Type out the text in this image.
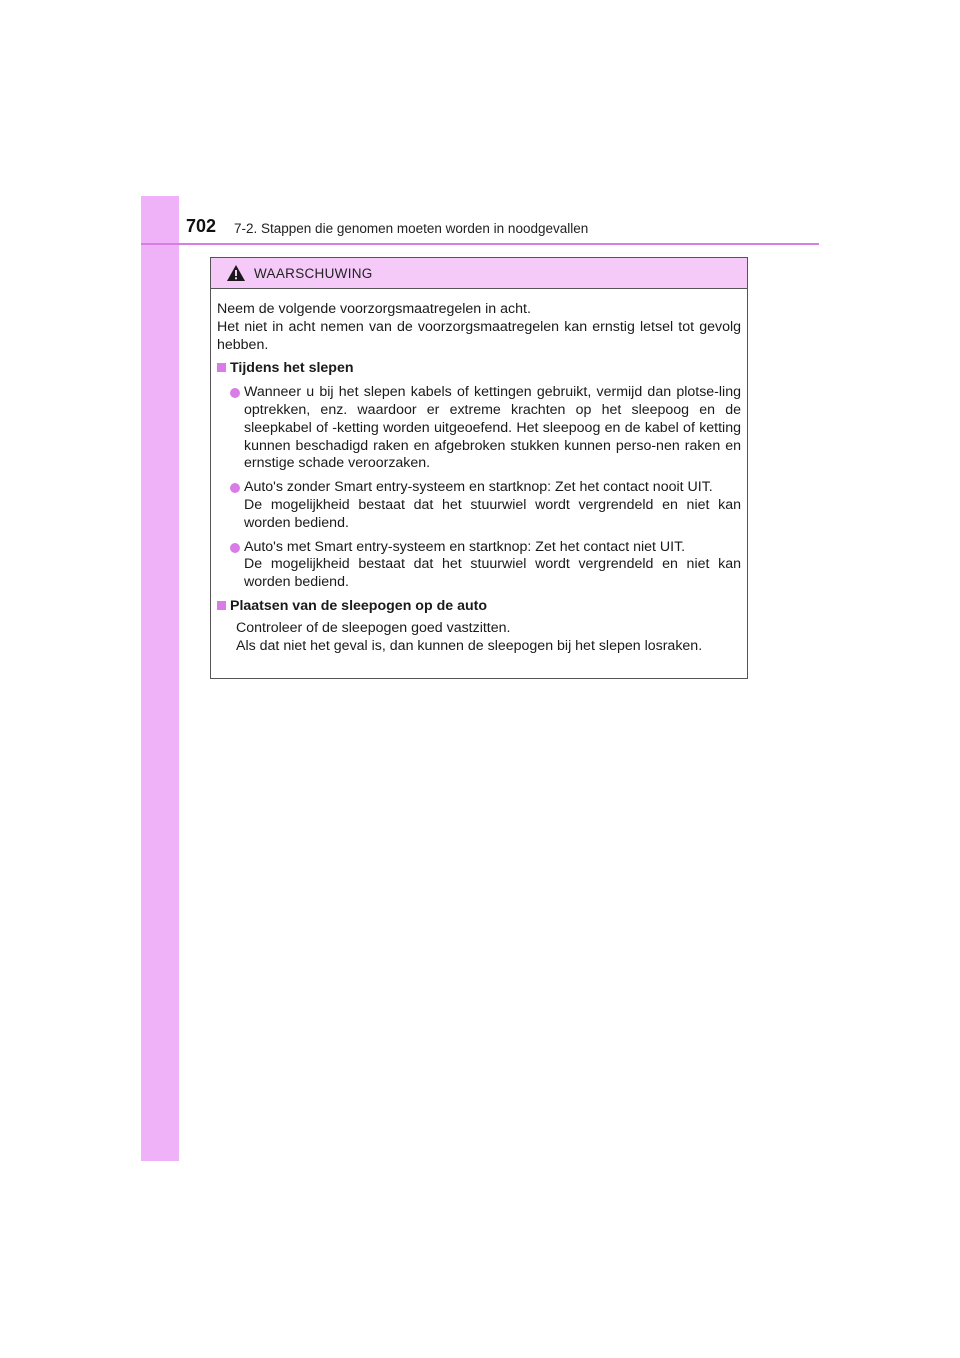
702 7-2. Stappen die genomen moeten worden in noodgevallen
WAARSCHUWING

Neem de volgende voorzorgsmaatregelen in acht.

Het niet in acht nemen van de voorzorgsmaatregelen kan ernstig letsel tot gevolg hebben.

Tijdens het slepen

Wanneer u bij het slepen kabels of kettingen gebruikt, vermijd dan plotse-ling optrekken, enz. waardoor er extreme krachten op het sleepoog en de sleepkabel of -ketting worden uitgeoefend. Het sleepoog en de kabel of ketting kunnen beschadigd raken en afgebroken stukken kunnen perso-nen raken en ernstige schade veroorzaken.

Auto's zonder Smart entry-systeem en startknop: Zet het contact nooit UIT.

De mogelijkheid bestaat dat het stuurwiel wordt vergrendeld en niet kan worden bediend.

Auto's met Smart entry-systeem en startknop: Zet het contact niet UIT.

De mogelijkheid bestaat dat het stuurwiel wordt vergrendeld en niet kan worden bediend.

Plaatsen van de sleepogen op de auto

Controleer of de sleepogen goed vastzitten.

Als dat niet het geval is, dan kunnen de sleepogen bij het slepen losraken.
